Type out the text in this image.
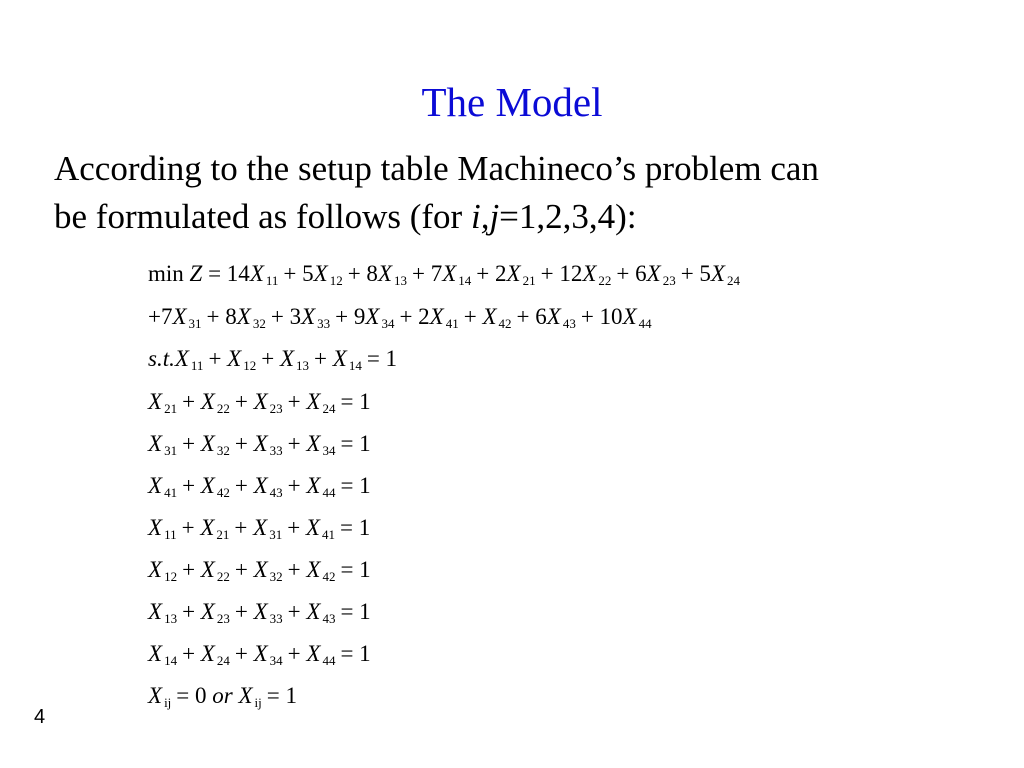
The Model
According to the setup table Machineco’s problem can
be formulated as follows (for i,j=1,2,3,4):
min Z = 14X $_{11}$ + 5X $_{12}$ + 8X $_{13}$ + 7X $_{14}$ + 2X $_{21}$ + 12X $_{22}$ + 6X $_{23}$ + 5X $_{24}$
+7X $_{31}$ + 8X $_{32}$ + 3X $_{33}$ + 9X $_{34}$ + 2X $_{41}$ + X $_{42}$ + 6X $_{43}$ + 10X $_{44}$
s.t.X $_{11}$ + X $_{12}$ + X $_{13}$ + X $_{14}$ = 1
X $_{21}$ + X $_{22}$ + X $_{23}$ + X $_{24}$ = 1
X $_{31}$ + X $_{32}$ + X $_{33}$ + X $_{34}$ = 1
X $_{41}$ + X $_{42}$ + X $_{43}$ + X $_{44}$ = 1
X $_{11}$ + X $_{21}$ + X $_{31}$ + X $_{41}$ = 1
X $_{12}$ + X $_{22}$ + X $_{32}$ + X $_{42}$ = 1
X $_{13}$ + X $_{23}$ + X $_{33}$ + X $_{43}$ = 1
X $_{14}$ + X $_{24}$ + X $_{34}$ + X $_{44}$ = 1
X $_{ij}$ = 0 or X $_{ij}$ = 1
4
